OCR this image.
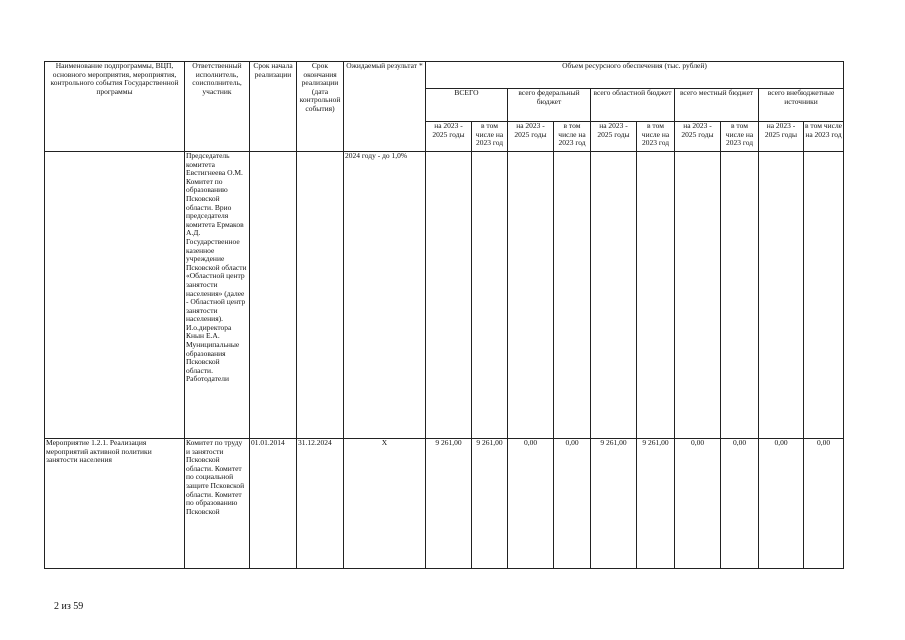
Наименование подпрограммы, ВЦП, основного мероприятия, мероприятия, контрольного события Государственной программы	Ответственный исполнитель, соисполнитель, участник	Срок начала реализации	Срок окончания реализации (дата контрольной события)	Ожидаемый результат *	Объем ресурсного обеспечения (тыс. рублей)									
					ВСЕГО		всего федеральный бюджет		всего областной бюджет		всего местный бюджет		всего внебюджетные источники	
					на 2023 - 2025 годы	в том числе на 2023 год	на 2023 - 2025 годы	в том числе на 2023 год	на 2023 - 2025 годы	в том числе на 2023 год	на 2023 - 2025 годы	в том числе на 2023 год	на 2023 - 2025 годы	в том числе на 2023 год
	Председатель комитета Евстигнеева О.М. Комитет по образованию Псковской области. Врио председателя комитета Ермаков А.Д. Государственное казенное учреждение Псковской области «Областной центр занятости населения» (далее - Областной центр занятости населения). И.о.директора Кнын Е.А. Муниципальные образования Псковской области. Работодатели			2024 году - до 1,0%										
Мероприятие 1.2.1. Реализация мероприятий активной политики занятости населения	Комитет по труду и занятости Псковской области. Комитет по социальной защите Псковской области. Комитет по образованию Псковской	01.01.2014	31.12.2024	Х	9 261,00	9 261,00	0,00	0,00	9 261,00	9 261,00	0,00	0,00	0,00	0,00
2 из 59
